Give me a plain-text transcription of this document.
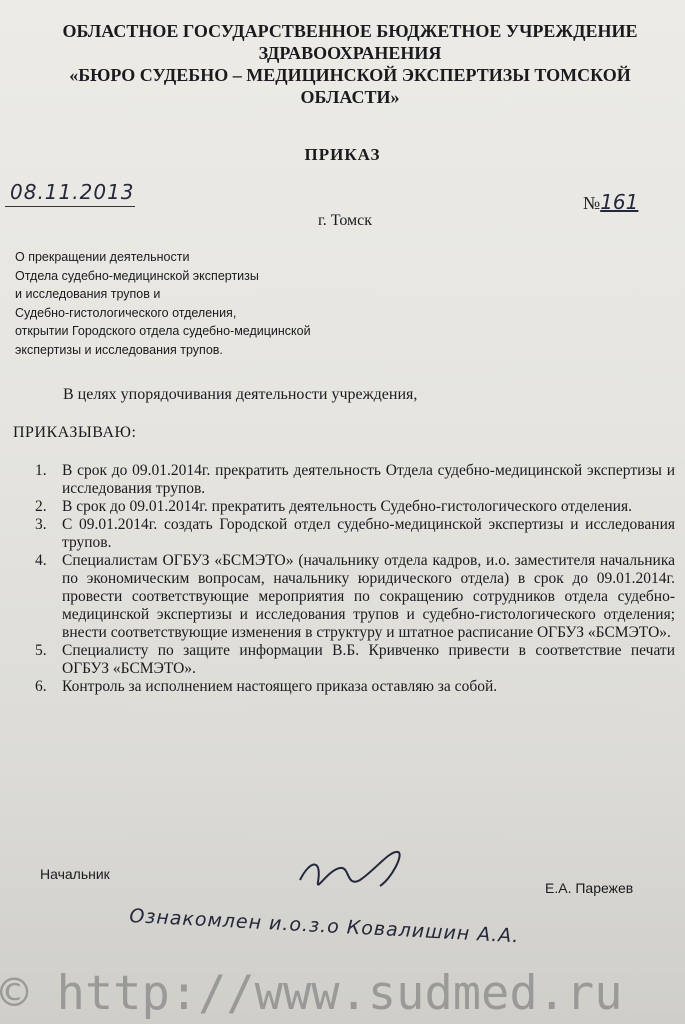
ОБЛАСТНОЕ ГОСУДАРСТВЕННОЕ БЮДЖЕТНОЕ УЧРЕЖДЕНИЕ
ЗДРАВООХРАНЕНИЯ
«БЮРО СУДЕБНО – МЕДИЦИНСКОЙ ЭКСПЕРТИЗЫ ТОМСКОЙ
ОБЛАСТИ»
ПРИКАЗ
08.11.2013	№161
г. Томск
О прекращении деятельности
Отдела судебно-медицинской экспертизы
и исследования трупов и
Судебно-гистологического отделения,
открытии Городского отдела судебно-медицинской
экспертизы и исследования трупов.
В целях упорядочивания деятельности учреждения,
ПРИКАЗЫВАЮ:
1. В срок до 09.01.2014г. прекратить деятельность Отдела судебно-медицинской экспертизы и исследования трупов.
2. В срок до 09.01.2014г. прекратить деятельность Судебно-гистологического отделения.
3. С 09.01.2014г. создать Городской отдел судебно-медицинской экспертизы и исследования трупов.
4. Специалистам ОГБУЗ «БСМЭТО» (начальнику отдела кадров, и.о. заместителя начальника по экономическим вопросам, начальнику юридического отдела) в срок до 09.01.2014г. провести соответствующие мероприятия по сокращению сотрудников отдела судебно-медицинской экспертизы и исследования трупов и судебно-гистологического отделения; внести соответствующие изменения в структуру и штатное расписание ОГБУЗ «БСМЭТО».
5. Специалисту по защите информации В.Б. Кривченко привести в соответствие печати ОГБУЗ «БСМЭТО».
6. Контроль за исполнением настоящего приказа оставляю за собой.
Начальник
Е.А. Парежев
Ознакомлен и.о.з.о Ковалишин А.А.
© http://www.sudmed.ru
